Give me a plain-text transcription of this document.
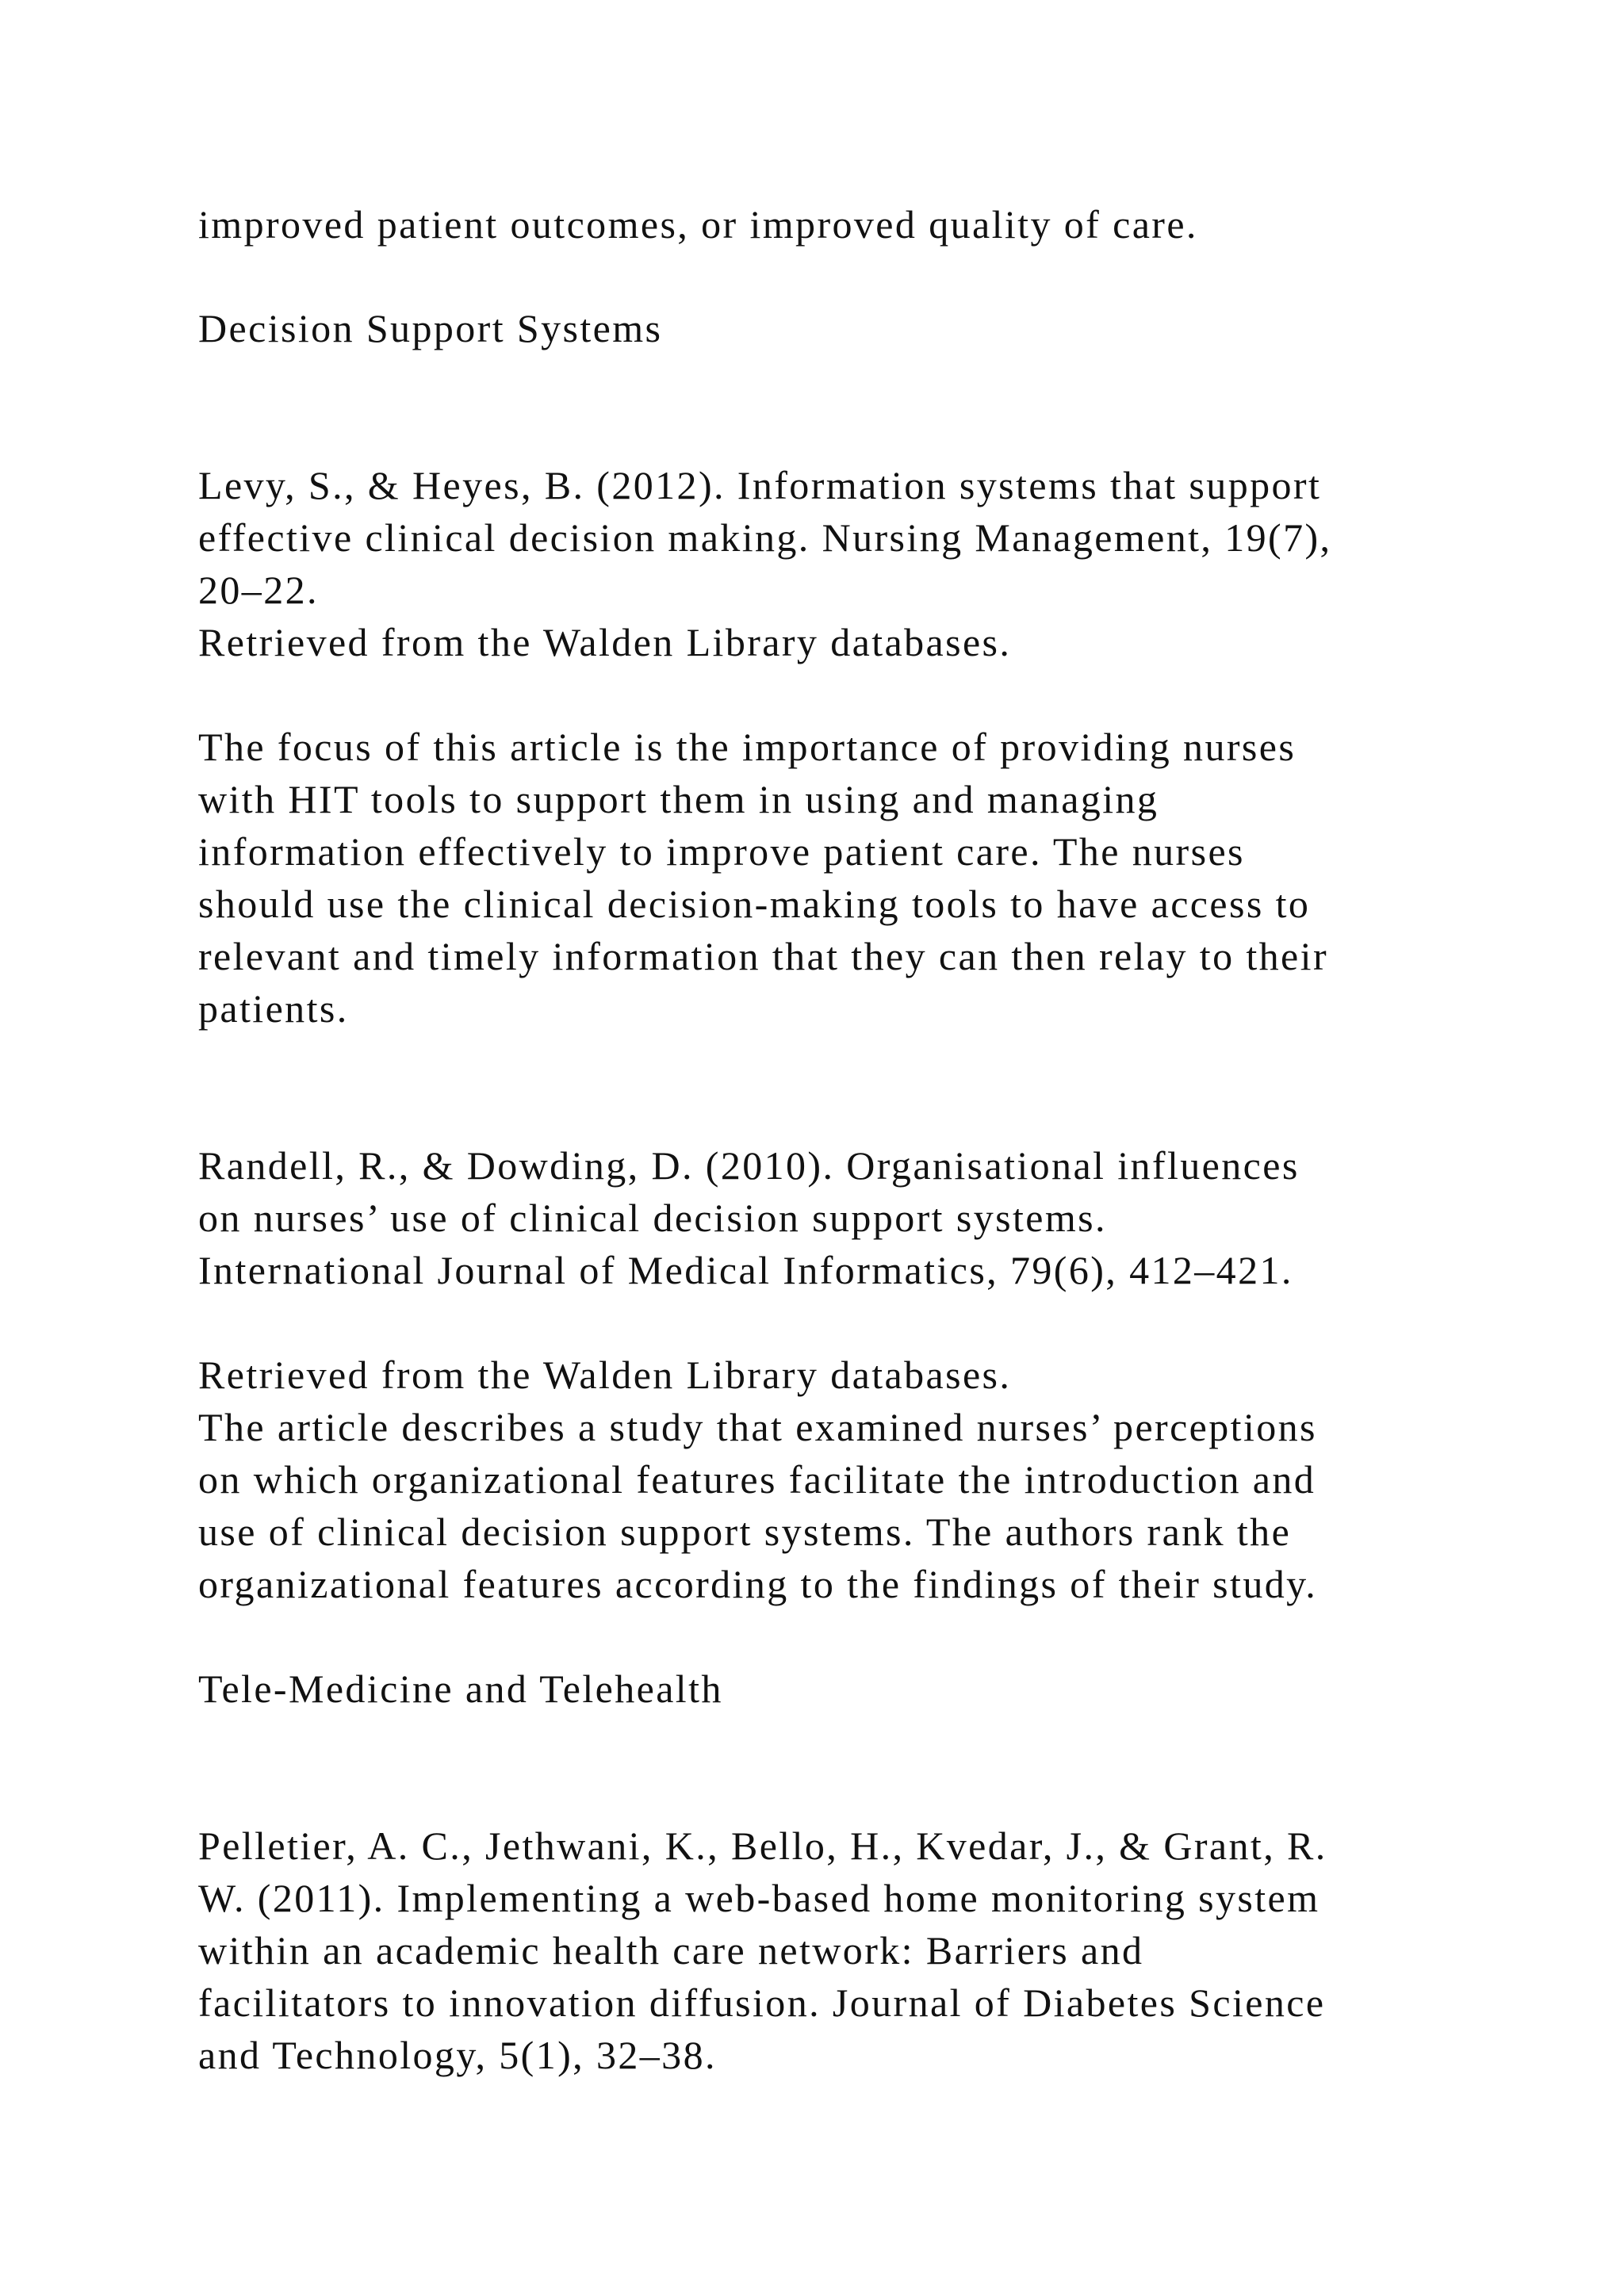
improved patient outcomes, or improved quality of care.

Decision Support Systems

Levy, S., & Heyes, B. (2012). Information systems that support

effective clinical decision making. Nursing Management, 19(7),

20–22.

Retrieved from the Walden Library databases.

The focus of this article is the importance of providing nurses

with HIT tools to support them in using and managing

information effectively to improve patient care. The nurses

should use the clinical decision-making tools to have access to

relevant and timely information that they can then relay to their

patients.

Randell, R., & Dowding, D. (2010). Organisational influences

on nurses’ use of clinical decision support systems.

International Journal of Medical Informatics, 79(6), 412–421.

Retrieved from the Walden Library databases.

The article describes a study that examined nurses’ perceptions

on which organizational features facilitate the introduction and

use of clinical decision support systems. The authors rank the

organizational features according to the findings of their study.

Tele-Medicine and Telehealth

Pelletier, A. C., Jethwani, K., Bello, H., Kvedar, J., & Grant, R.

W. (2011). Implementing a web-based home monitoring system

within an academic health care network: Barriers and

facilitators to innovation diffusion. Journal of Diabetes Science

and Technology, 5(1), 32–38.
